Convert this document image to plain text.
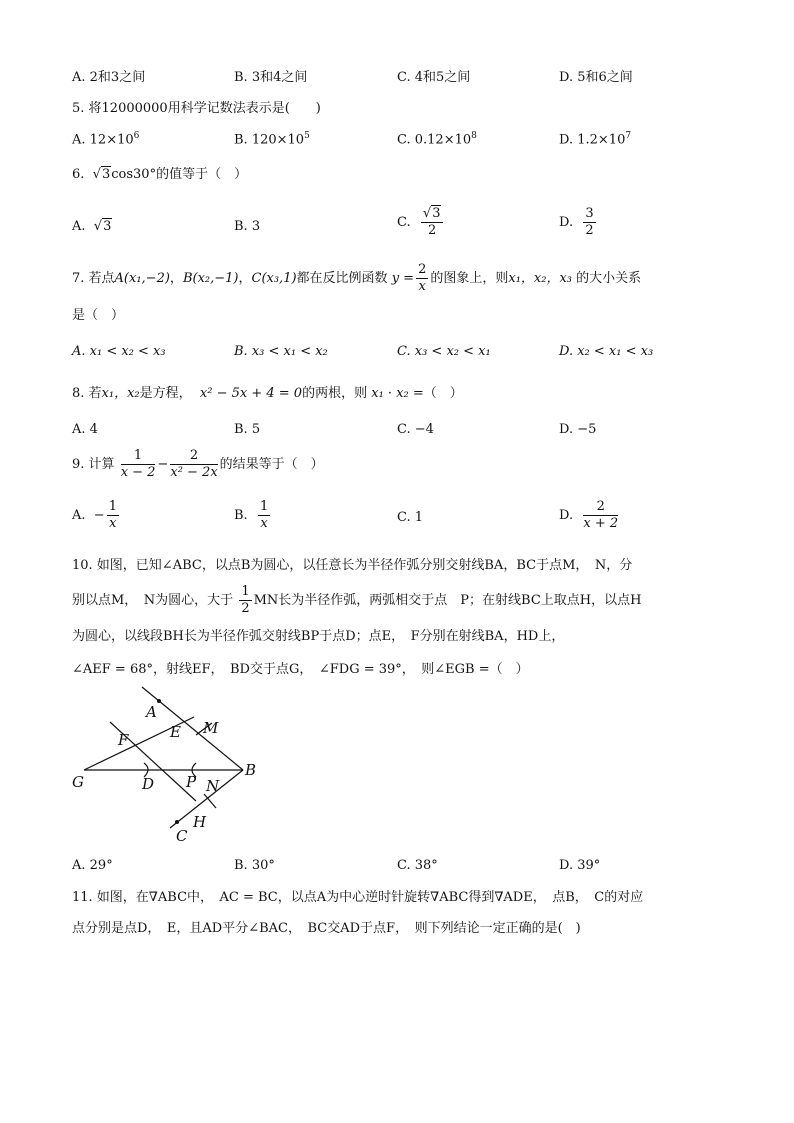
A. 2和3之间	B. 3和4之间	C. 4和5之间	D. 5和6之间
5. 将12000000用科学记数法表示是(　　)
A. $12\times 10^6$	B. $120\times 10^5$	C. $0.12\times 10^8$	D. $1.2\times 10^7$
6. √3cos30°的值等于（　）
A. √3	B. 3	C. $\frac{√3}{2}$	D. $\frac{3}{2}$
7. 若点A(x₁,−2)，B(x₂,−1)，C(x₃,1)都在反比例函数 $y = \frac{2}{x}$ 的图象上，则x₁，x₂，x₃ 的大小关系
是（　）
A. x₁ < x₂ < x₃	B. x₃ < x₁ < x₂	C. x₃ < x₂ < x₁	D. x₂ < x₁ < x₃
8. 若x₁，x₂是方程， x² − 5x + 4 = 0的两根，则 x₁ · x₂ =（　）
A. 4	B. 5	C. −4	D. −5
9. 计算 $\frac{1}{x - 2} - \frac{2}{\text{x² − 2x}}$ 的结果等于（　）
A. − $\frac{1}{x}$	B. $\frac{1}{x}$	C. 1	D. $\frac{2}{x + 2}$
10. 如图，已知∠ABC，以点B为圆心，以任意长为半径作弧分别交射线BA，BC于点M，　N，分
别以点M，　N为圆心，大于 $\frac{1}{2}$ MN长为半径作弧，两弧相交于点　P；在射线BC上取点H，以点H
为圆心，以线段BH长为半径作弧交射线BP于点D；点E，　F分别在射线BA，HD上，
∠AEF = 68°，射线EF，　BD交于点G，　∠FDG = 39°，　则∠EGB =（　）
A
E M
F
G	D P
B
N
H
C
A. 29°	B. 30°	C. 38°	D. 39°
11. 如图，在∇ABC中，　AC = BC，以点A为中心逆时针旋转∇ABC得到∇ADE，　点B，　C的对应
点分别是点D，　E，且AD平分∠BAC，　BC交AD于点F，　则下列结论一定正确的是(　)
